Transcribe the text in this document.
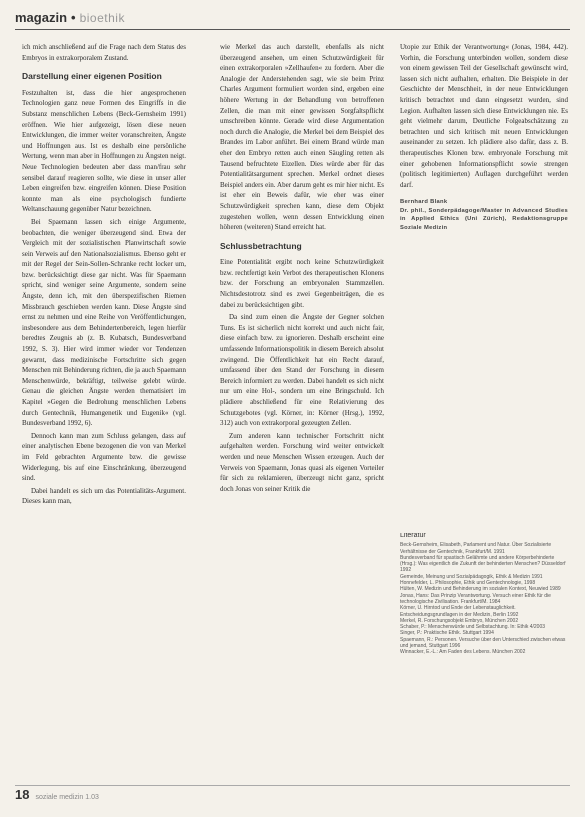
magazin • bioethik

ich mich anschließend auf die Frage nach dem Status des Embryos in extrakorporalem Zustand.

Darstellung einer eigenen Position

Festzuhalten ist, dass die hier angesprochenen Technologien ganz neue Formen des Eingriffs in die Substanz menschlichen Lebens (Beck-Gernsheim 1991) eröffnen. Wie hier aufgezeigt, lösen diese neuen Entwicklungen, die immer weiter voranschreiten, Ängste und Hoffnungen aus. Ist es deshalb eine persönliche Wertung, wenn man aber in Hoffnungen zu Ängsten neigt. Neue Technologien bedeuten aber dass man/frau sehr sensibel darauf reagieren sollte, wie diese in unser aller Leben eingreifen bzw. eingreifen können. Diese Position konnte man als eine psychologisch fundierte Weltanschauung gegenüber Natur bezeichnen.

Bei Spaemann lassen sich einige Argumente, beobachten, die weniger überzeugend sind. Etwa der Vergleich mit der sozialistischen Planwirtschaft sowie sein Verweis auf den Nationalsozialismus. Ebenso geht er mit der Regel der Sein-Sollen-Schranke recht locker um, bzw. berücksichtigt diese gar nicht. Was für Spaemann spricht, sind weniger seine Argumente, sondern seine Ängste, denn ich, mit den überspezifischen Riemen Missbrauch geschieben werden kann. Diese Ängste sind ernst zu nehmen und eine Reihe von Veröffentlichungen, insbesondere aus dem Behindertenbereich, legen hierfür beredtes Zeugnis ab (z. B. Kubatsch, Bundesverband 1992, S. 3). Hier wird immer wieder vor Tendenzen gewarnt, dass medizinische Fortschritte sich gegen Menschen mit Behinderung richten, die ja auch Spaemann Menschenwürde, bekräftigt, teilweise gelebt würde. Genau die gleichen Ängste werden thematisiert im Kapitel »Gegen die Bedrohung menschlichen Lebens durch Gentechnik, Humangenetik und Eugenik« (vgl. Bundesverband 1992, 6).

Dennoch kann man zum Schluss gelangen, dass auf einer analytischen Ebene bezogenen die von van Merkel im Feld gebrachten Argumente bzw. die gewisse Widerlegung, bis auf eine Einschränkung, überzeugend sind.

Dabei handelt es sich um das Potentialitäts-Argument. Dieses kann man,

wie Merkel das auch darstellt, ebenfalls als nicht überzeugend ansehen, um einen Schutzwürdigkeit für einen extrakorporalen »Zellhaufen« zu fordern. Aber die Analogie der Anderstehenden sagt, wie sie beim Prinz Charles Argument formuliert worden sind, ergeben eine höhere Wertung in der Behandlung von betroffenen Zellen, die man mit einer gewissen Sorgfaltspflicht umschreiben könnte. Gerade wird diese Argumentation noch durch die Analogie, die Merkel bei dem Beispiel des Brandes im Labor anführt. Bei einem Brand würde man eher den Embryo retten auch einen Säugling retten als Tausend befruchtete Eizellen. Dies würde aber für das Potentialitätsargument sprechen. Merkel ordnet dieses Beispiel anders ein. Aber darum geht es mir hier nicht. Es ist eher ein Beweis dafür, wie eher was einer Schutzwürdigkeit sprechen kann, diese dem Objekt zugestehen wollen, wenn dessen Entwicklung einen höheren (weiteren) Stand erreicht hat.

Schlussbetrachtung

Eine Potentialität ergibt noch keine Schutzwürdigkeit bzw. rechtfertigt kein Verbot des therapeutischen Klonens bzw. der Forschung an embryonalen Stammzellen. Nichtsdestotrotz sind es zwei Gegenbeiträgen, die es dabei zu berücksichtigen gibt.

Da sind zum einen die Ängste der Gegner solchen Tuns. Es ist sicherlich nicht korrekt und auch nicht fair, diese einfach bzw. zu ignorieren. Deshalb erscheint eine umfassende Informationspolitik in diesem Bereich absolut zwingend. Die Öffentlichkeit hat ein Recht darauf, umfassend über den Stand der Forschung in diesem Bereich informiert zu werden. Dabei handelt es sich nicht nur um eine Hol-, sondern um eine Bringschuld. Ich plädiere abschließend für eine Relativierung des Schutzgebotes (vgl. Körner, in: Körner (Hrsg.), 1992, 312) auch von extrakorporal gezeugten Zellen.

Zum anderen kann technischer Fortschritt nicht aufgehalten werden. Forschung wird weiter entwickelt werden und neue Menschen Wissen erzeugen. Auch der Verweis von Spaemann, Jonas quasi als eigenen Vorteiler für sich zu reklamieren, überzeugt nicht ganz, spricht doch Jonas von seiner Kritik die

Utopie zur Ethik der Verantwortung« (Jonas, 1984, 442). Vorhin, die Forschung unterbinden wollen, sondern diese von einem gewissen Teil der Gesellschaft gewünscht wird, lassen sich nicht aufhalten, erhalten. Die Beispiele in der Geschichte der Menschheit, in der neue Entwicklungen kritisch betrachtet und dann eingesetzt wurden, sind Legion. Aufhalten lassen sich diese Entwicklungen nie. Es geht vielmehr darum, Deutliche Folgeabschätzung zu betrachten und sich kritisch mit neuen Entwicklungen auseinander zu setzen. Ich plädiere also dafür, dass z. B. therapeutisches Klonen bzw. embryonale Forschung mit einer gehobenen Informationspflicht sowie strengen (politisch legitimierten) Auflagen durchgeführt werden darf.

Bernhard Blank
Dr. phil., Sonderpädagoge/Master in Advanced Studies in Applied Ethics (Uni Zürich), Redaktionsgruppe Soziale Medizin
Literatur

Beck-Gernsheim, Elisabeth, Parlament und Natur. Über Sozialisierte Verhältnisse der Gentechnik, Frankfurt/M. 1991

Bundesverband für spastisch Gelähmte und andere Körperbehinderte (Hrsg.): Was eigentlich die Zukunft der behinderten Menschen? Düsseldorf 1992

Gemeinde, Meinung und Sozialpädagogik, Ethik & Medizin 1991

Honnefelder, L. Philosophie, Ethik und Gentechnologie, 1998

Hülten, W. Medizin und Behinderung im sozialen Kontext, Neuwied 1989

Jonas, Hans: Das Prinzip Verantwortung. Versuch einer Ethik für die technologische Zivilisation. Frankfurt/M. 1984

Körner, U. Hirntod und Ende der Lebenstauglichkeit. Entscheidungsgrundlagen in der Medizin, Berlin 1992

Merkel, R. Forschungsobjekt Embryo, München 2002

Schaber, P.: Menschenwürde und Selbstachtung. In: Ethik 4/2003

Singer, P.: Praktische Ethik. Stuttgart 1994

Spaemann, R.: Personen. Versuche über den Unterschied zwischen etwas und jemand, Stuttgart 1996

Winnacker, E.-L.: Am Faden des Lebens. München 2002

18 soziale medizin 1.03
